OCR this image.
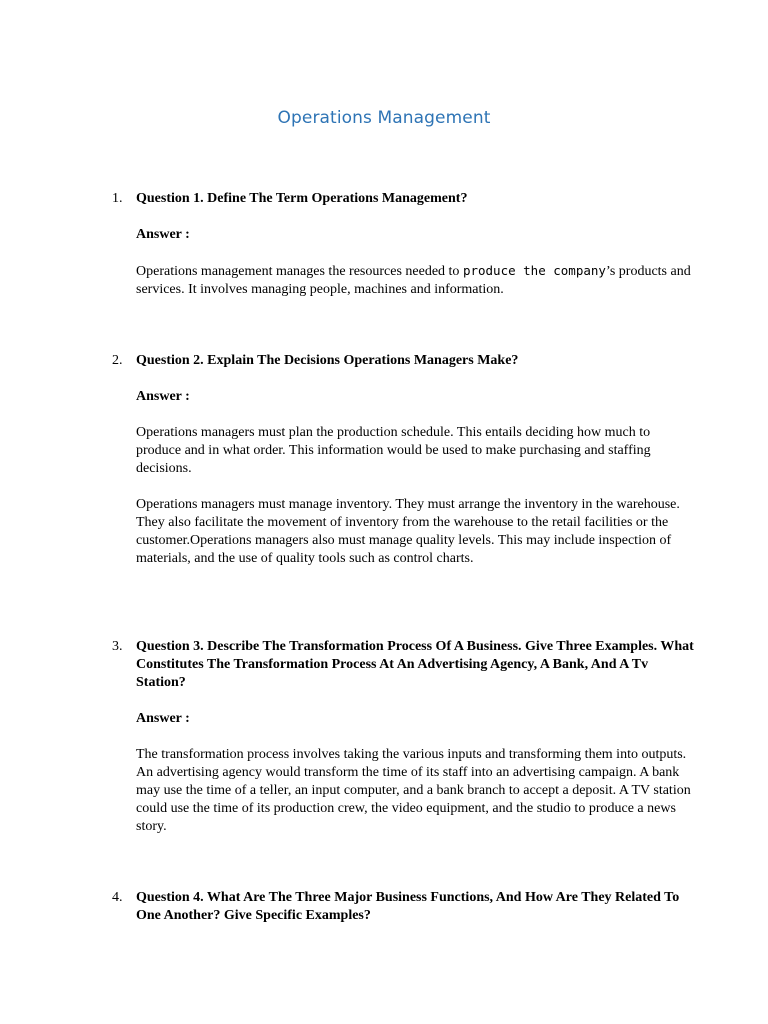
Operations Management
1. Question 1. Define The Term Operations Management?

Answer :

Operations management manages the resources needed to produce the company’s products and services. It involves managing people, machines and information.

2. Question 2. Explain The Decisions Operations Managers Make?

Answer :

Operations managers must plan the production schedule. This entails deciding how much to produce and in what order. This information would be used to make purchasing and staffing decisions.

Operations managers must manage inventory. They must arrange the inventory in the warehouse. They also facilitate the movement of inventory from the warehouse to the retail facilities or the customer.Operations managers also must manage quality levels. This may include inspection of materials, and the use of quality tools such as control charts.

3. Question 3. Describe The Transformation Process Of A Business. Give Three Examples. What Constitutes The Transformation Process At An Advertising Agency, A Bank, And A Tv Station?

Answer :

The transformation process involves taking the various inputs and transforming them into outputs. An advertising agency would transform the time of its staff into an advertising campaign. A bank may use the time of a teller, an input computer, and a bank branch to accept a deposit. A TV station could use the time of its production crew, the video equipment, and the studio to produce a news story.

4. Question 4. What Are The Three Major Business Functions, And How Are They Related To One Another? Give Specific Examples?
